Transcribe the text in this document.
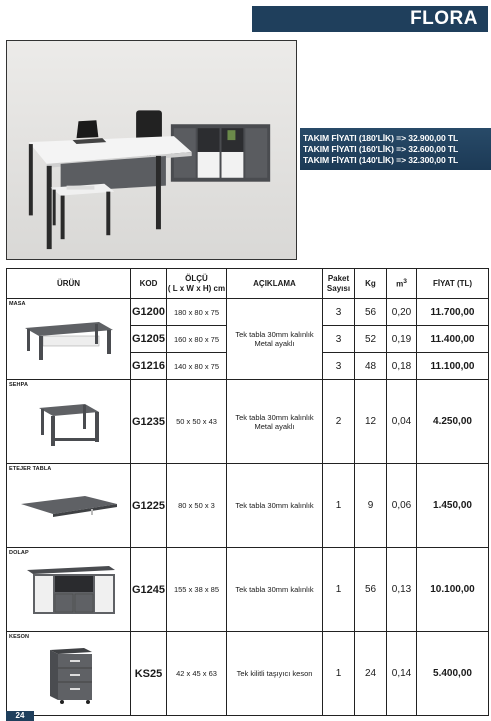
FLORA
TAKIM FİYATI (180'LİK) => 32.900,00 TL
TAKIM FİYATI (160'LİK) => 32.600,00 TL
TAKIM FİYATI (140'LİK) => 32.300,00 TL
ÜRÜN	KOD	ÖLÇÜ
( L x W x H) cm	AÇIKLAMA	Paket
Sayısı	Kg	$m^3$	FİYAT (TL)

MASA	G1200	180 x 80 x 75	Tek tabla 30mm kalınlık Metal ayaklı	3	56	0,20	11.700,00
	G1205	160 x 80 x 75		3	52	0,19	11.400,00
	G1216	140 x 80 x 75		3	48	0,18	11.100,00

SEHPA	G1235	50 x 50 x 43	Tek tabla 30mm kalınlık Metal ayaklı	2	12	0,04	4.250,00

ETEJER TABLA	G1225	80 x 50 x 3	Tek tabla 30mm kalınlık	1	9	0,06	1.450,00

DOLAP	G1245	155 x 38 x 85	Tek tabla 30mm kalınlık	1	56	0,13	10.100,00

KESON	KS25	42 x 45 x 63	Tek kilitli taşıyıcı keson	1	24	0,14	5.400,00
24
